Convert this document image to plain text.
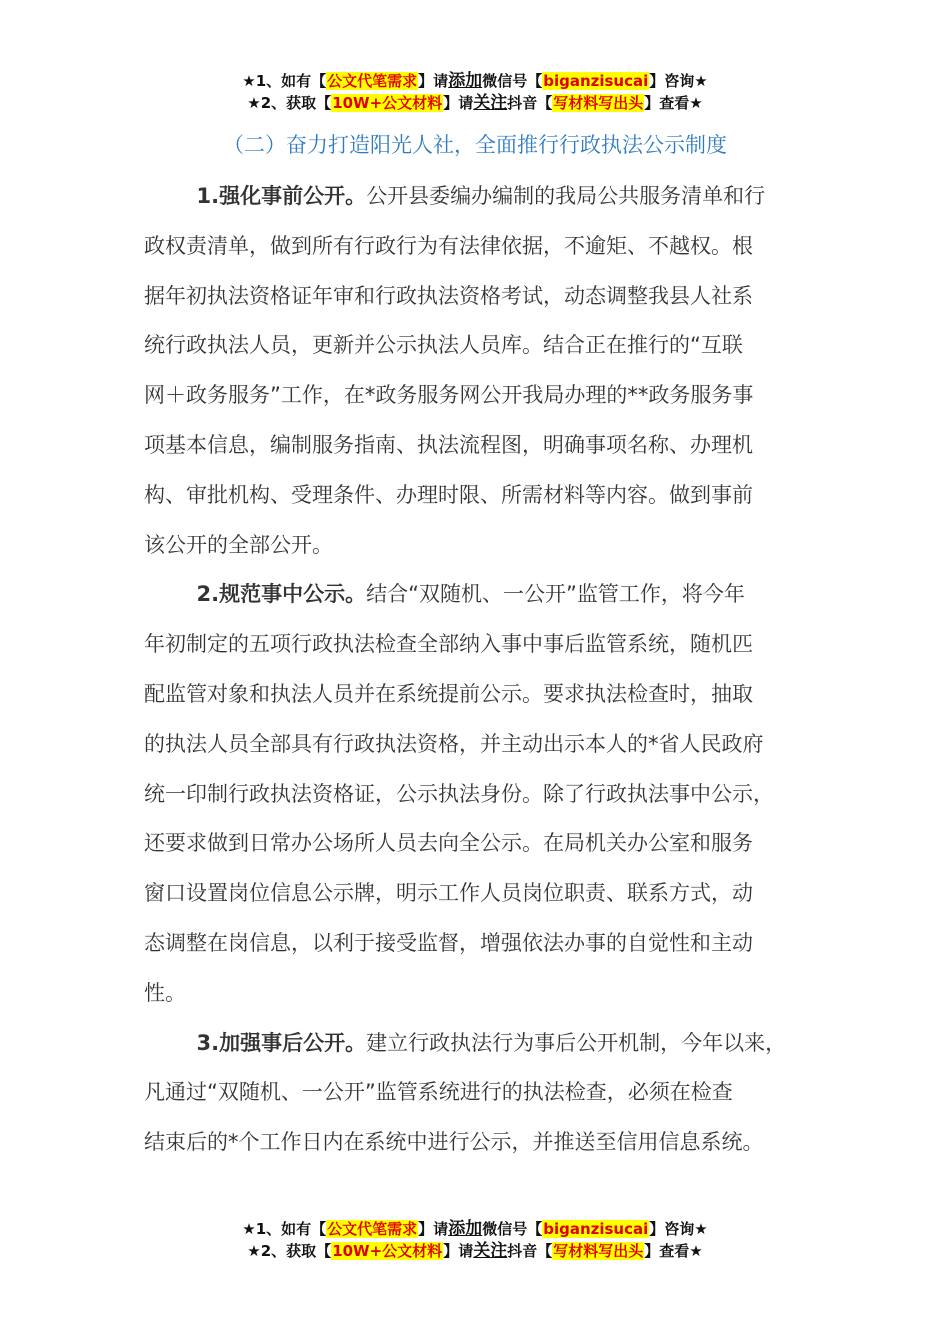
★1、如有【公文代笔需求】请添加微信号【biganzisucai】咨询★
★2、获取【10W+公文材料】请关注抖音【写材料写出头】查看★
（二）奋力打造阳光人社，全面推行行政执法公示制度
1.强化事前公开。公开县委编办编制的我局公共服务清单和行
政权责清单，做到所有行政行为有法律依据，不逾矩、不越权。根
据年初执法资格证年审和行政执法资格考试，动态调整我县人社系
统行政执法人员，更新并公示执法人员库。结合正在推行的“互联
网＋政务服务”工作，在*政务服务网公开我局办理的**政务服务事
项基本信息，编制服务指南、执法流程图，明确事项名称、办理机
构、审批机构、受理条件、办理时限、所需材料等内容。做到事前
该公开的全部公开。
2.规范事中公示。结合“双随机、一公开”监管工作，将今年
年初制定的五项行政执法检查全部纳入事中事后监管系统，随机匹
配监管对象和执法人员并在系统提前公示。要求执法检查时，抽取
的执法人员全部具有行政执法资格，并主动出示本人的*省人民政府
统一印制行政执法资格证，公示执法身份。除了行政执法事中公示，
还要求做到日常办公场所人员去向全公示。在局机关办公室和服务
窗口设置岗位信息公示牌，明示工作人员岗位职责、联系方式，动
态调整在岗信息，以利于接受监督，增强依法办事的自觉性和主动
性。
3.加强事后公开。建立行政执法行为事后公开机制，今年以来，
凡通过“双随机、一公开”监管系统进行的执法检查，必须在检查
结束后的*个工作日内在系统中进行公示，并推送至信用信息系统。
★1、如有【公文代笔需求】请添加微信号【biganzisucai】咨询★
★2、获取【10W+公文材料】请关注抖音【写材料写出头】查看★
